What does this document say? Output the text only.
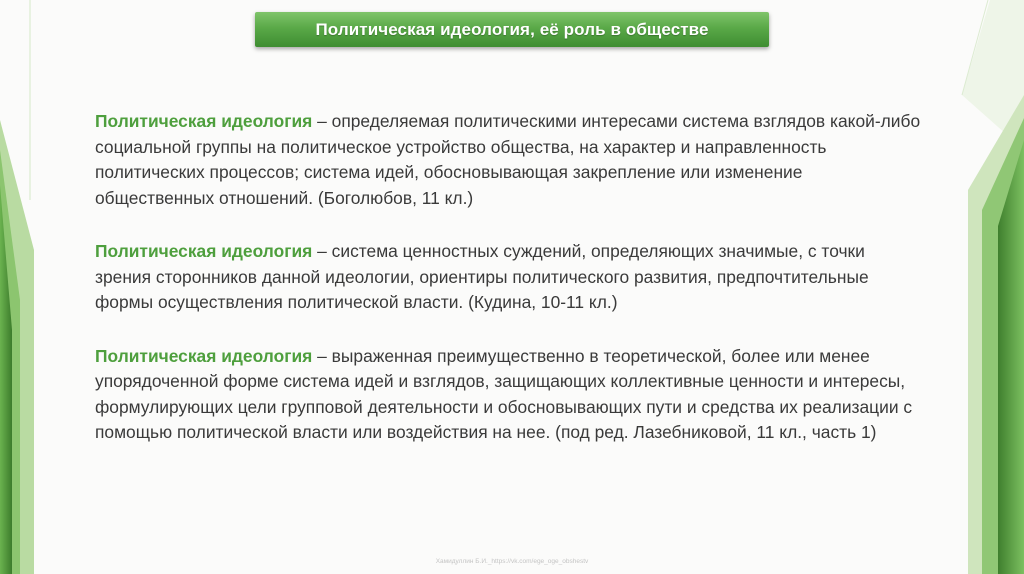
Политическая идеология, её роль в обществе

Политическая идеология – определяемая политическими интересами система взглядов какой-либо социальной группы на политическое устройство общества, на характер и направленность политических процессов; система идей, обосновывающая закрепление или изменение общественных отношений. (Боголюбов, 11 кл.)

Политическая идеология – система ценностных суждений, определяющих значимые, с точки зрения сторонников данной идеологии, ориентиры политического развития, предпочтительные формы осуществления политической власти. (Кудина, 10-11 кл.)

Политическая идеология – выраженная преимущественно в теоретической, более или менее упорядоченной форме система идей и взглядов, защищающих коллективные ценности и интересы, формулирующих цели групповой деятельности и обосновывающих пути и средства их реализации с помощью политической власти или воздействия на нее. (под ред. Лазебниковой, 11 кл., часть 1)

Хамидуллин Б.И._https://vk.com/ege_oge_obshestv
